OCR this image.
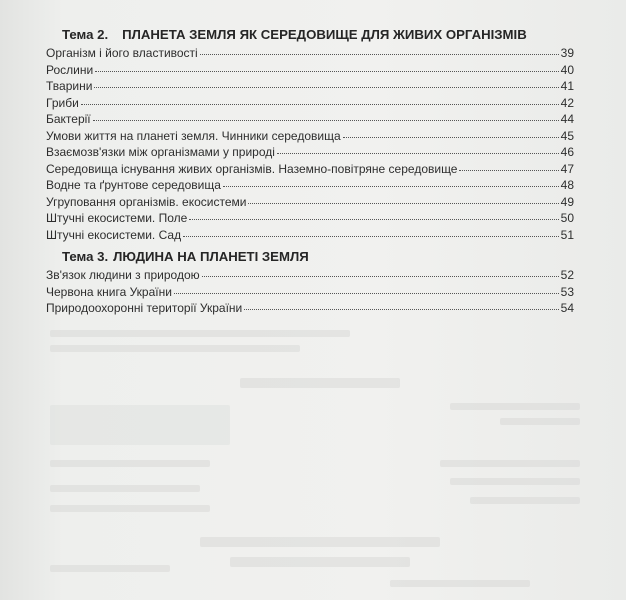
Тема 2. ПЛАНЕТА ЗЕМЛЯ ЯК СЕРЕДОВИЩЕ ДЛЯ ЖИВИХ ОРГАНІЗМІВ
Організм і його властивості	39
Рослини	40
Тварини	41
Гриби	42
Бактерії	44
Умови життя на планеті земля. Чинники середовища	45
Взаємозв'язки між організмами у природі	46
Середовища існування живих організмів. Наземно-повітряне середовище	47
Водне та ґрунтове середовища	48
Угруповання організмів. екосистеми	49
Штучні екосистеми. Поле	50
Штучні екосистеми. Сад	51
Тема 3. ЛЮДИНА НА ПЛАНЕТІ ЗЕМЛЯ
Зв'язок людини з природою	52
Червона книга України	53
Природоохоронні території України	54
